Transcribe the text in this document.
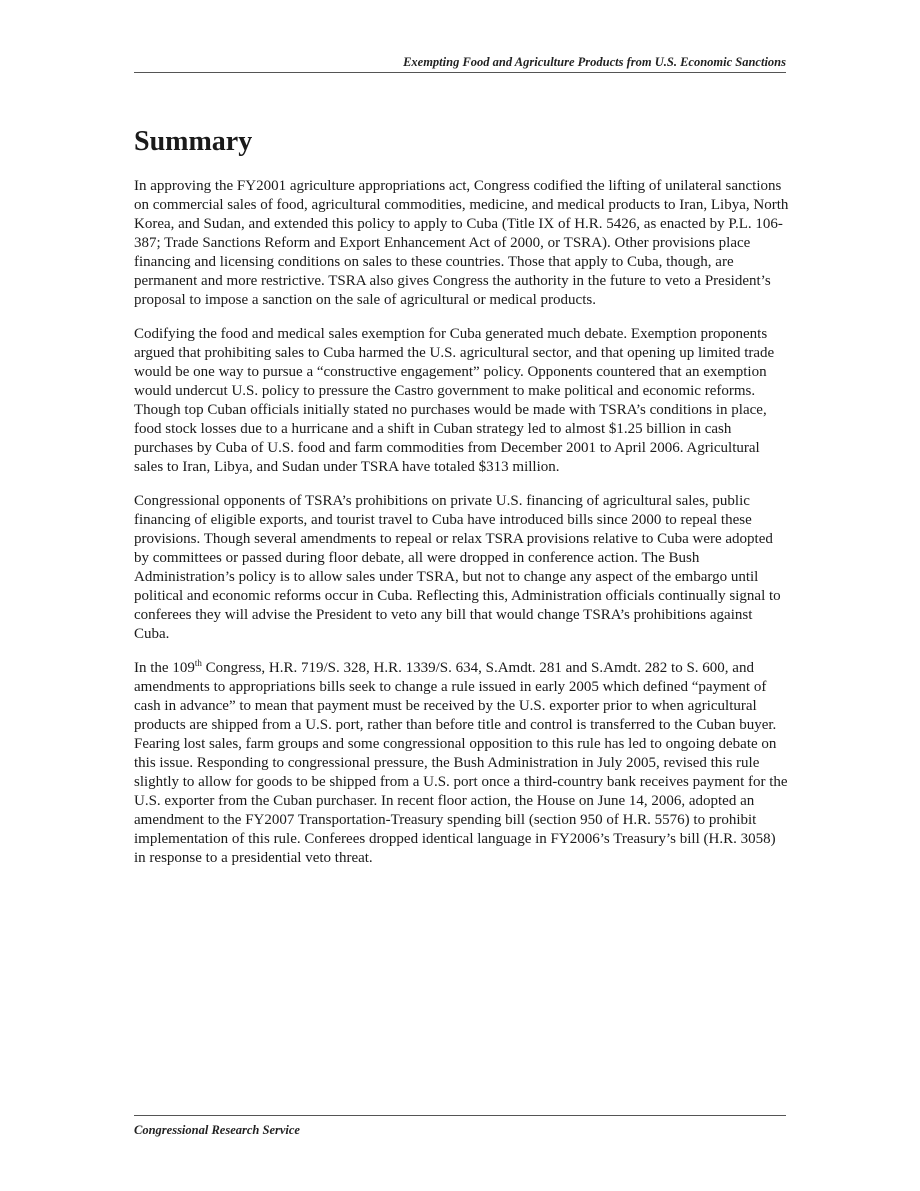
Exempting Food and Agriculture Products from U.S. Economic Sanctions
Summary

In approving the FY2001 agriculture appropriations act, Congress codified the lifting of unilateral sanctions on commercial sales of food, agricultural commodities, medicine, and medical products to Iran, Libya, North Korea, and Sudan, and extended this policy to apply to Cuba (Title IX of H.R. 5426, as enacted by P.L. 106-387; Trade Sanctions Reform and Export Enhancement Act of 2000, or TSRA). Other provisions place financing and licensing conditions on sales to these countries. Those that apply to Cuba, though, are permanent and more restrictive. TSRA also gives Congress the authority in the future to veto a President’s proposal to impose a sanction on the sale of agricultural or medical products.

Codifying the food and medical sales exemption for Cuba generated much debate. Exemption proponents argued that prohibiting sales to Cuba harmed the U.S. agricultural sector, and that opening up limited trade would be one way to pursue a “constructive engagement” policy. Opponents countered that an exemption would undercut U.S. policy to pressure the Castro government to make political and economic reforms. Though top Cuban officials initially stated no purchases would be made with TSRA’s conditions in place, food stock losses due to a hurricane and a shift in Cuban strategy led to almost $1.25 billion in cash purchases by Cuba of U.S. food and farm commodities from December 2001 to April 2006. Agricultural sales to Iran, Libya, and Sudan under TSRA have totaled $313 million.

Congressional opponents of TSRA’s prohibitions on private U.S. financing of agricultural sales, public financing of eligible exports, and tourist travel to Cuba have introduced bills since 2000 to repeal these provisions. Though several amendments to repeal or relax TSRA provisions relative to Cuba were adopted by committees or passed during floor debate, all were dropped in conference action. The Bush Administration’s policy is to allow sales under TSRA, but not to change any aspect of the embargo until political and economic reforms occur in Cuba. Reflecting this, Administration officials continually signal to conferees they will advise the President to veto any bill that would change TSRA’s prohibitions against Cuba.

In the 109th Congress, H.R. 719/S. 328, H.R. 1339/S. 634, S.Amdt. 281 and S.Amdt. 282 to S. 600, and amendments to appropriations bills seek to change a rule issued in early 2005 which defined “payment of cash in advance” to mean that payment must be received by the U.S. exporter prior to when agricultural products are shipped from a U.S. port, rather than before title and control is transferred to the Cuban buyer. Fearing lost sales, farm groups and some congressional opposition to this rule has led to ongoing debate on this issue. Responding to congressional pressure, the Bush Administration in July 2005, revised this rule slightly to allow for goods to be shipped from a U.S. port once a third-country bank receives payment for the U.S. exporter from the Cuban purchaser. In recent floor action, the House on June 14, 2006, adopted an amendment to the FY2007 Transportation-Treasury spending bill (section 950 of H.R. 5576) to prohibit implementation of this rule. Conferees dropped identical language in FY2006’s Treasury’s bill (H.R. 3058) in response to a presidential veto threat.

Congressional Research Service
